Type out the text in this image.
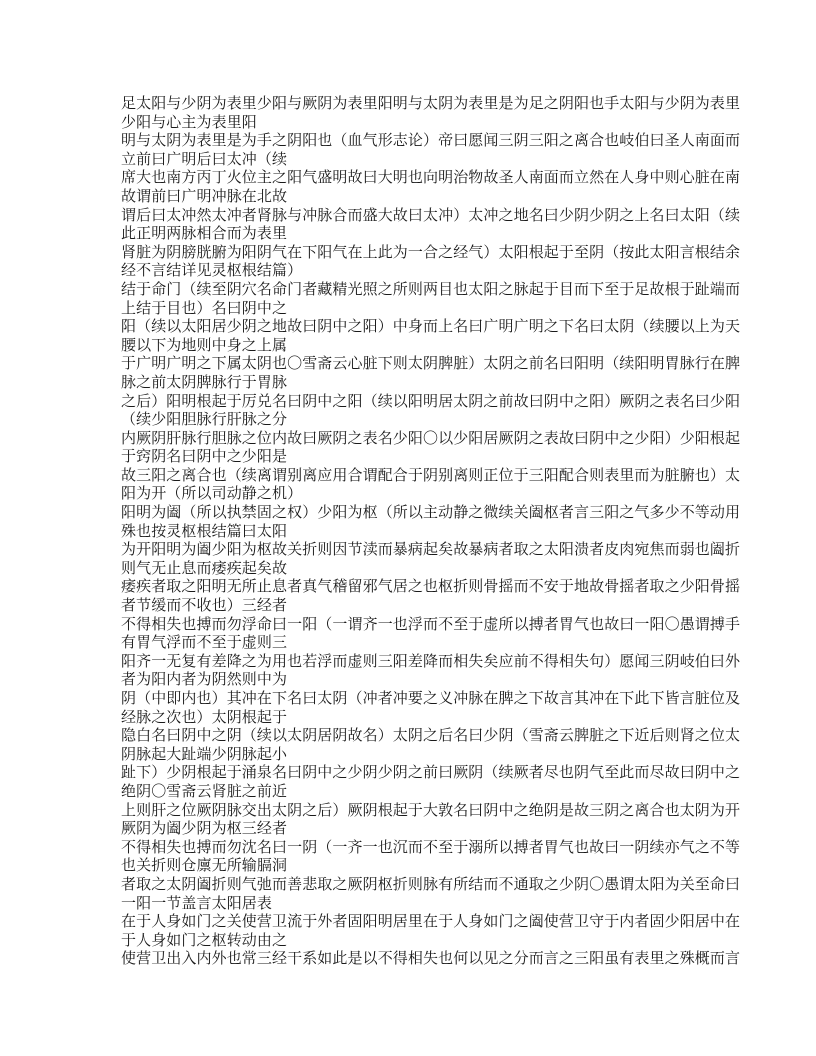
足太阳与少阴为表里少阳与厥阴为表里阳明与太阴为表里是为足之阴阳也手太阳与少阴为表里
少阳与心主为表里阳
明与太阴为表里是为手之阴阳也（血气形志论）帝曰愿闻三阴三阳之离合也岐伯曰圣人南面而
立前曰广明后曰太冲（续
席大也南方丙丁火位主之阳气盛明故曰大明也向明治物故圣人南面而立然在人身中则心脏在南
故谓前曰广明冲脉在北故
谓后曰太冲然太冲者肾脉与冲脉合而盛大故曰太冲）太冲之地名曰少阴少阴之上名曰太阳（续
此正明两脉相合而为表里
肾脏为阴膀胱腑为阳阴气在下阳气在上此为一合之经气）太阳根起于至阴（按此太阳言根结余
经不言结详见灵枢根结篇）
结于命门（续至阴穴名命门者藏精光照之所则两目也太阳之脉起于目而下至于足故根于趾端而
上结于目也）名曰阴中之
阳（续以太阳居少阴之地故曰阴中之阳）中身而上名曰广明广明之下名曰太阴（续腰以上为天
腰以下为地则中身之上属
于广明广明之下属太阴也〇雪斋云心脏下则太阴脾脏）太阴之前名曰阳明（续阳明胃脉行在脾
脉之前太阴脾脉行于胃脉
之后）阳明根起于厉兑名曰阴中之阳（续以阳明居太阴之前故曰阴中之阳）厥阴之表名曰少阳
（续少阳胆脉行肝脉之分
内厥阴肝脉行胆脉之位内故曰厥阴之表名少阳〇以少阳居厥阴之表故曰阴中之少阳）少阳根起
于窍阴名曰阴中之少阳是
故三阳之离合也（续离谓别离应用合谓配合于阴别离则正位于三阳配合则表里而为脏腑也）太
阳为开（所以司动静之机）
阳明为阖（所以执禁固之权）少阳为枢（所以主动静之微续关阖枢者言三阳之气多少不等动用
殊也按灵枢根结篇曰太阳
为开阳明为阖少阳为枢故关折则因节渎而暴病起矣故暴病者取之太阳溃者皮肉宛焦而弱也阖折
则气无止息而痿疾起矣故
痿疾者取之阳明无所止息者真气稽留邪气居之也枢折则骨摇而不安于地故骨摇者取之少阳骨摇
者节缓而不收也）三经者
不得相失也搏而勿浮命曰一阳（一谓齐一也浮而不至于虚所以搏者胃气也故曰一阳〇愚谓搏手
有胃气浮而不至于虚则三
阳齐一无复有差降之为用也若浮而虚则三阳差降而相失矣应前不得相失句）愿闻三阴岐伯曰外
者为阳内者为阴然则中为
阴（中即内也）其冲在下名曰太阴（冲者冲要之义冲脉在脾之下故言其冲在下此下皆言脏位及
经脉之次也）太阴根起于
隐白名曰阴中之阴（续以太阴居阴故名）太阴之后名曰少阴（雪斋云脾脏之下近后则肾之位太
阴脉起大趾端少阴脉起小
趾下）少阴根起于涌泉名曰阴中之少阴少阴之前曰厥阴（续厥者尽也阴气至此而尽故曰阴中之
绝阴〇雪斋云肾脏之前近
上则肝之位厥阴脉交出太阴之后）厥阴根起于大敦名曰阴中之绝阴是故三阴之离合也太阴为开
厥阴为阖少阴为枢三经者
不得相失也搏而勿沈名曰一阴（一齐一也沉而不至于溺所以搏者胃气也故曰一阴续亦气之不等
也关折则仓廪无所输膈洞
者取之太阴阖折则气弛而善悲取之厥阴枢折则脉有所结而不通取之少阴〇愚谓太阳为关至命曰
一阳一节盖言太阳居表
在于人身如门之关使营卫流于外者固阳明居里在于人身如门之阖使营卫守于内者固少阳居中在
于人身如门之枢转动由之
使营卫出入内外也常三经干系如此是以不得相失也何以见之分而言之三阳虽有表里之殊概而言
